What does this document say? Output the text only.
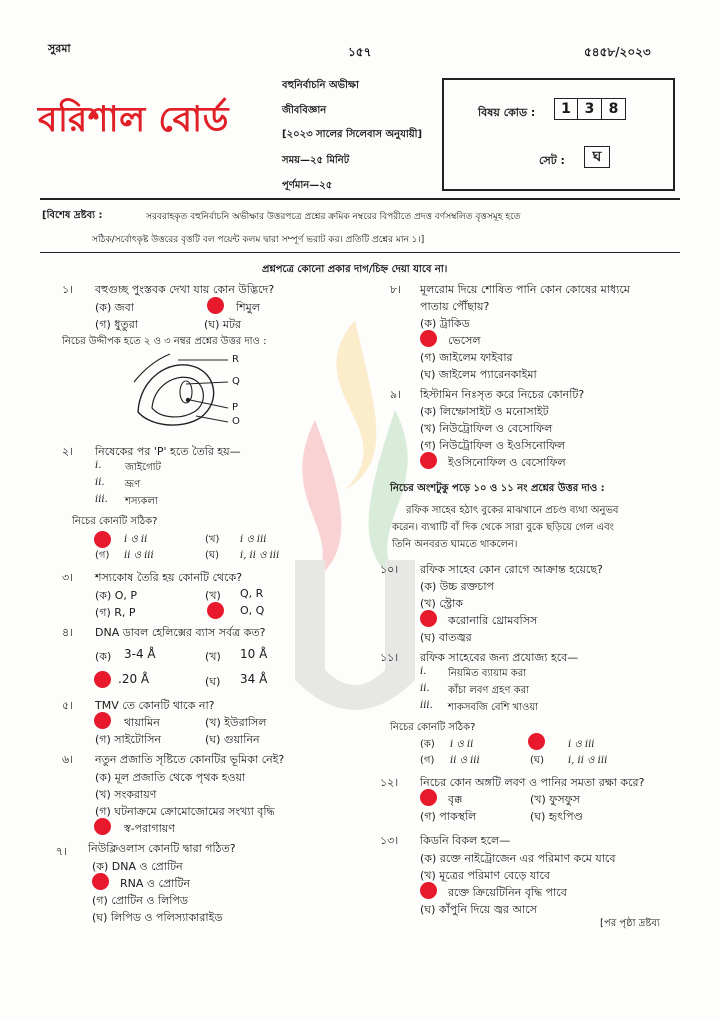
সুরমা	১৫৭	৫৪৫৮/২০২৩
বরিশাল বোর্ড
বহুনির্বাচনি অভীক্ষা
জীববিজ্ঞান
[২০২৩ সালের সিলেবাস অনুযায়ী]
সময়—২৫ মিনিট
পূর্ণমান—২৫
বিষয় কোড :	1 3 8
সেট :	ঘ
[বিশেষ দ্রষ্টব্য :	সরবরাহকৃত বহুনির্বাচনি অভীক্ষার উত্তরপত্রে প্রশ্নের ক্রমিক নম্বরের বিপরীতে প্রদত্ত বর্ণসম্বলিত বৃত্তসমূহ হতে
সঠিক/সর্বোৎকৃষ্ট উত্তরের বৃত্তটি বল পয়েন্ট কলম দ্বারা সম্পূর্ণ ভরাট কর। প্রতিটি প্রশ্নের মান ১।]
প্রশ্নপত্রে কোনো প্রকার দাগ/চিহ্ন দেয়া যাবে না।
১। বহুগুচ্ছ পুংস্তবক দেখা যায় কোন উদ্ভিদে?
(ক) জবা	শিমুল
(গ) ধুতুরা	(ঘ) মটর
নিচের উদ্দীপক হতে ২ ও ৩ নম্বর প্রশ্নের উত্তর দাও :
R
Q
P
O
২। নিষেকের পর 'P' হতে তৈরি হয়—
i. জাইগোট
ii. ভ্রূণ
iii. শস্যকলা
নিচের কোনটি সঠিক?
i ও ii	(খ) i ও iii
(গ) ii ও iii	(ঘ) i, ii ও iii
৩। শস্যকোষ তৈরি হয় কোনটি থেকে?
(ক) O, P	(খ) Q, R
(গ) R, P	O, Q
৪। DNA ডাবল হেলিক্সের ব্যাস সর্বত্র কত?
(ক) 3-4 Å	(খ) 10 Å
.20 Å	(ঘ) 34 Å
৫। TMV তে কোনটি থাকে না?
থায়ামিন	(খ) ইউরাসিল
(গ) সাইটোসিন	(ঘ) গুয়ানিন
৬। নতুন প্রজাতি সৃষ্টিতে কোনটির ভূমিকা নেই?
(ক) মূল প্রজাতি থেকে পৃথক হওয়া
(খ) সংকরায়ণ
(গ) ঘটনাক্রমে ক্রোমোজোমের সংখ্যা বৃদ্ধি
স্ব-পরাগায়ণ
৭। নিউক্লিওলাস কোনটি দ্বারা গঠিত?
(ক) DNA ও প্রোটিন
RNA ও প্রোটিন
(গ) প্রোটিন ও লিপিড
(ঘ) লিপিড ও পলিস্যাকারাইড
৮। মূলরোম দিয়ে শোষিত পানি কোন কোষের মাধ্যমে
পাতায় পৌঁছায়?
(ক) ট্রাকিড
ভেসেল
(গ) জাইলেম ফাইবার
(ঘ) জাইলেম প্যারেনকাইমা
৯। হিস্টামিন নিঃসৃত করে নিচের কোনটি?
(ক) লিম্ফোসাইট ও মনোসাইট
(খ) নিউট্রোফিল ও বেসোফিল
(গ) নিউট্রোফিল ও ইওসিনোফিল
ইওসিনোফিল ও বেসোফিল
নিচের অংশটুকু পড়ে ১০ ও ১১ নং প্রশ্নের উত্তর দাও :
রফিক সাহেব হঠাৎ বুকের মাঝখানে প্রচণ্ড ব্যথা অনুভব
করেন। ব্যথাটি বাঁ দিক থেকে সারা বুকে ছড়িয়ে গেল এবং
তিনি অনবরত ঘামতে থাকলেন।
১০। রফিক সাহেব কোন রোগে আক্রান্ত হয়েছে?
(ক) উচ্চ রক্তচাপ
(খ) স্ট্রোক
করোনারি থ্রোমবসিস
(ঘ) বাতজ্বর
১১। রফিক সাহেবের জন্য প্রযোজ্য হবে—
i. নিয়মিত ব্যায়াম করা
ii. কাঁচা লবণ গ্রহণ করা
iii. শাকসবজি বেশি খাওয়া
নিচের কোনটি সঠিক?
(ক) i ও ii	i ও iii
(গ) ii ও iii	(ঘ) i, ii ও iii
১২। নিচের কোন অঙ্গটি লবণ ও পানির সমতা রক্ষা করে?
বৃক্ক	(খ) ফুসফুস
(গ) পাকস্থলি	(ঘ) হৃৎপিণ্ড
১৩। কিডনি বিকল হলে—
(ক) রক্তে নাইট্রোজেন এর পরিমাণ কমে যাবে
(খ) মূত্রের পরিমাণ বেড়ে যাবে
রক্তে ক্রিয়েটিনিন বৃদ্ধি পাবে
(ঘ) কাঁপুনি দিয়ে জ্বর আসে
[পর পৃষ্ঠা দ্রষ্টব্য
